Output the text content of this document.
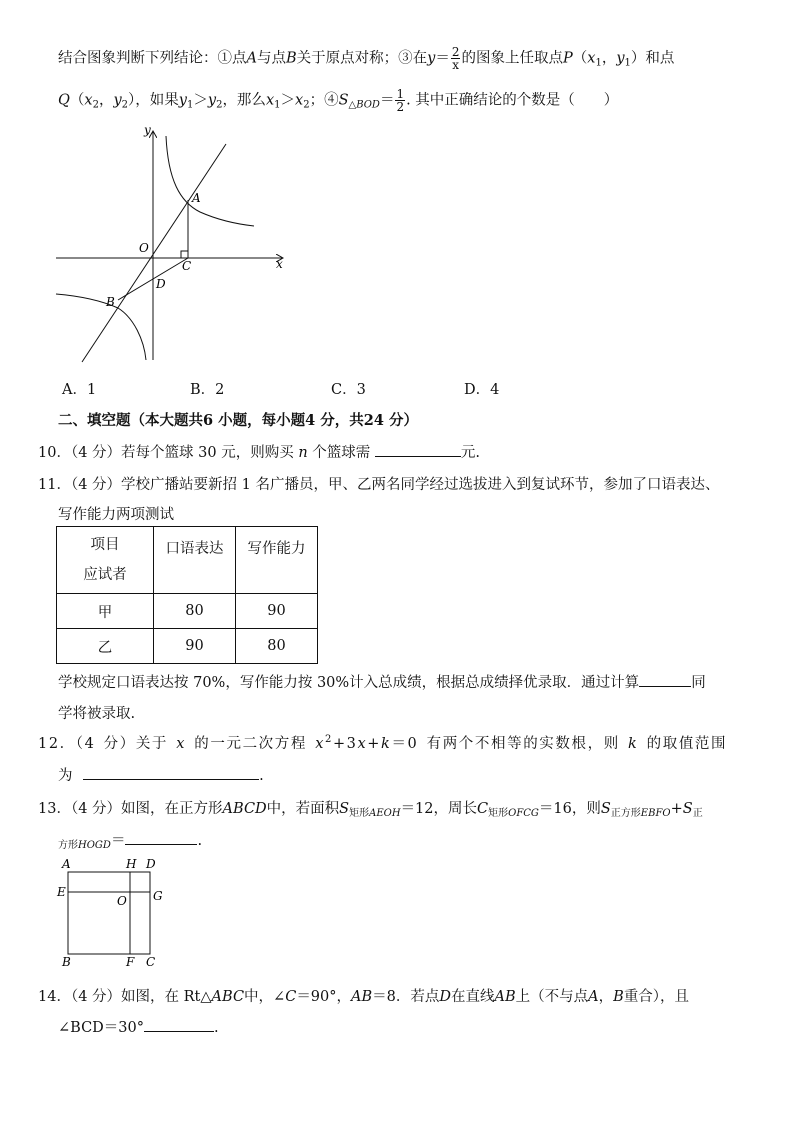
结合图象判断下列结论：①点A与点B关于原点对称；③在$y= \frac{2}{x}$ 的图象上任取点$P(x_1$，$y_1$）和点
$Q(x_2$，$y_2$），如果$y_1>y_2$，那么$x_1>x_2$；$④S_{\triangle BOD}= \frac{1}{2}$ . 其中正确结论的个数是（　　）
y
x
O
A
B
C
D
A．1	B．2	C．3	D．4
二、填空题（本大题共6 小题，每小题4 分，共24 分）
10．（4 分）若每个篮球 30 元，则购买 n 个篮球需	元.
11．（4 分）学校广播站要新招 1 名广播员，甲、乙两名同学经过选拔进入到复试环节，参加了口语表达、
写作能力两项测试
项目
应试者	口语表达	写作能力
甲	80	90
乙	90	80
学校规定口语表达按 70%，写作能力按 30%计入总成绩，根据总成绩择优录取．通过计算	同
学将被录取.
12．（4 分）关于 x 的一元二次方程 $x^2+3x+k=0$ 有两个不相等的实数根，则 k 的取值范围
为	.
13．（4 分）如图，在正方形ABCD中，若面积$S_{矩形AEOH}=12$，周长$C_{矩形OFCG}=16$，则$S_{正方形EBFO}+S_正$
$_{方形HOGD}$＝	.
A	H D
E	G
O
B	F C
14．（4 分）如图，在 Rt△ABC中，∠C＝90°，AB＝8．若点D在直线AB上（不与点A，B重合），且
∠BCD＝30°	.
